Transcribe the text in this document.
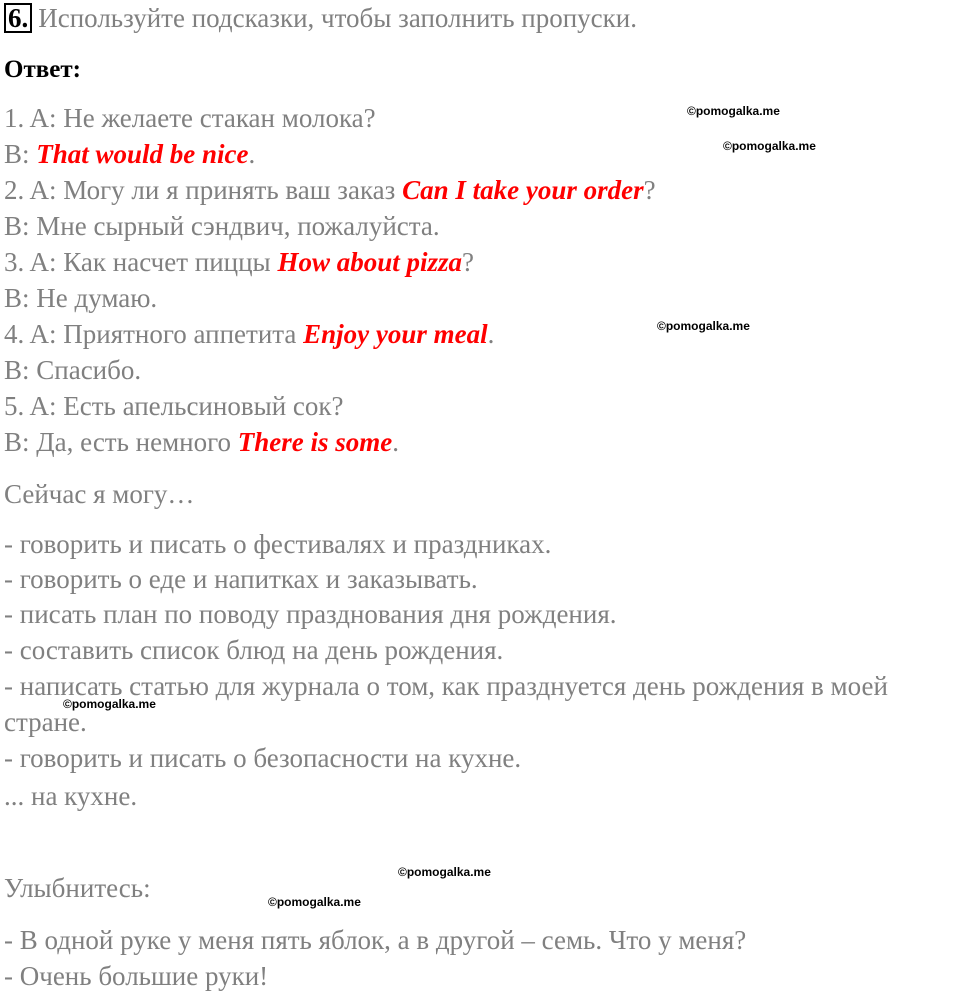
6. Используйте подсказки, чтобы заполнить пропуски.
Ответ:
1. A: Не желаете стакан молока?
B: That would be nice.
2. A: Могу ли я принять ваш заказ Can I take your order?
B: Мне сырный сэндвич, пожалуйста.
3. A: Как насчет пиццы How about pizza?
B: Не думаю.
4. A: Приятного аппетита Enjoy your meal.
B: Спасибо.
5. A: Есть апельсиновый сок?
B: Да, есть немного There is some.
Сейчас я могу…
- говорить и писать о фестивалях и праздниках.
- говорить о еде и напитках и заказывать.
- писать план по поводу празднования дня рождения.
- составить список блюд на день рождения.
- написать статью для журнала о том, как празднуется день рождения в моей
стране.
- говорить и писать о безопасности на кухне.
... на кухне.
Улыбнитесь:
- В одной руке у меня пять яблок, а в другой – семь. Что у меня?
- Очень большие руки!
©pomogalka.me
©pomogalka.me
©pomogalka.me
©pomogalka.me
©pomogalka.me
©pomogalka.me
